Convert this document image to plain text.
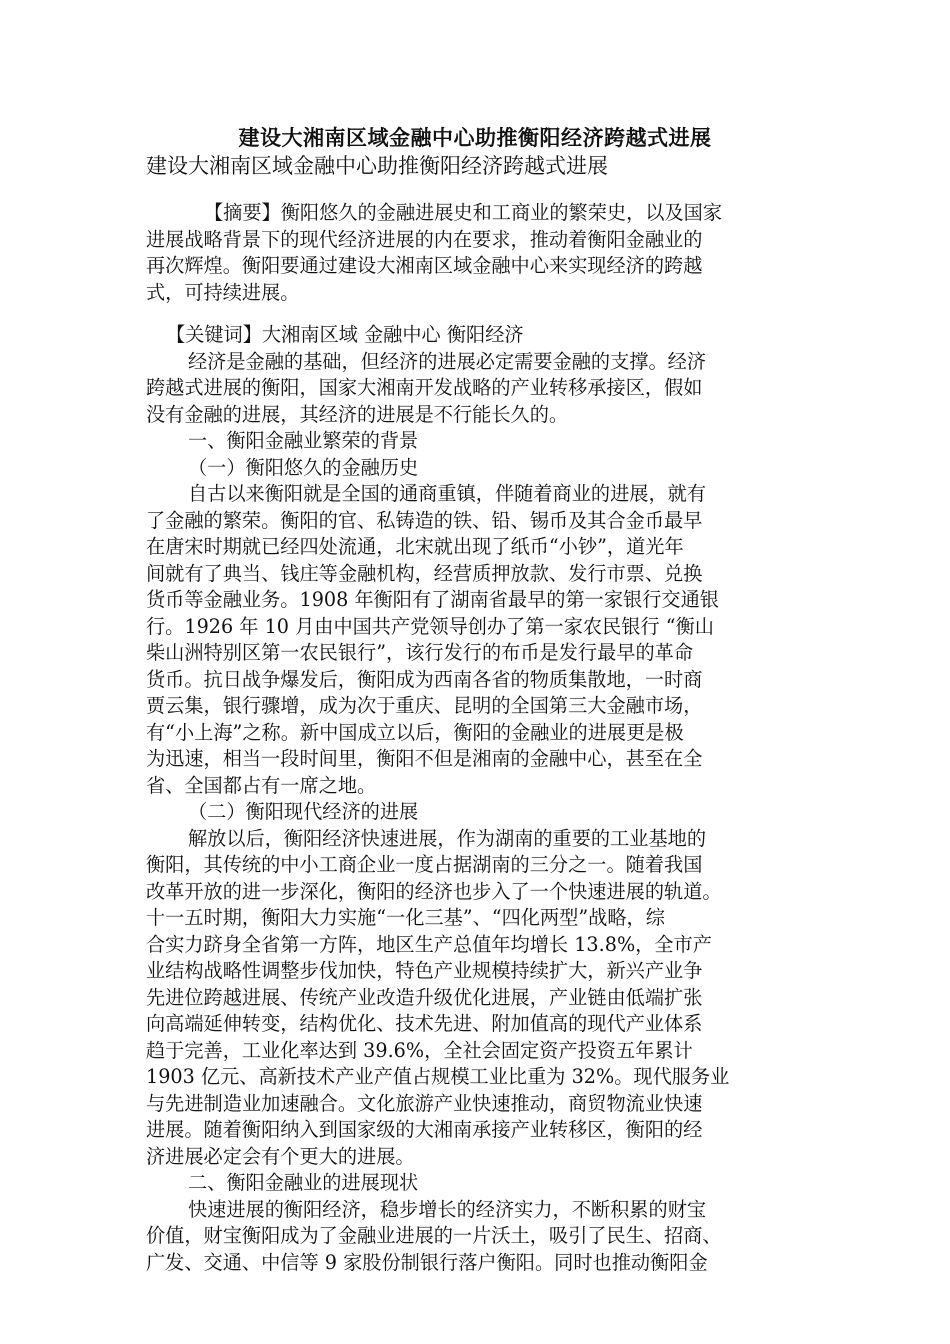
建设大湘南区域金融中心助推衡阳经济跨越式进展
建设大湘南区域金融中心助推衡阳经济跨越式进展
【摘要】衡阳悠久的金融进展史和工商业的繁荣史，以及国家
进展战略背景下的现代经济进展的内在要求，推动着衡阳金融业的
再次辉煌。衡阳要通过建设大湘南区域金融中心来实现经济的跨越
式，可持续进展。
【关键词】大湘南区域 金融中心 衡阳经济
经济是金融的基础，但经济的进展必定需要金融的支撑。经济
跨越式进展的衡阳，国家大湘南开发战略的产业转移承接区，假如
没有金融的进展，其经济的进展是不行能长久的。
一、衡阳金融业繁荣的背景
（一）衡阳悠久的金融历史
自古以来衡阳就是全国的通商重镇，伴随着商业的进展，就有
了金融的繁荣。衡阳的官、私铸造的铁、铅、锡币及其合金币最早
在唐宋时期就已经四处流通，北宋就出现了纸币“小钞”，道光年
间就有了典当、钱庄等金融机构，经营质押放款、发行市票、兑换
货币等金融业务。1908 年衡阳有了湖南省最早的第一家银行交通银
行。1926 年 10 月由中国共产党领导创办了第一家农民银行 “衡山
柴山洲特别区第一农民银行”，该行发行的布币是发行最早的革命
货币。抗日战争爆发后，衡阳成为西南各省的物质集散地，一时商
贾云集，银行骤增，成为次于重庆、昆明的全国第三大金融市场，
有“小上海”之称。新中国成立以后，衡阳的金融业的进展更是极
为迅速，相当一段时间里，衡阳不但是湘南的金融中心，甚至在全
省、全国都占有一席之地。
（二）衡阳现代经济的进展
解放以后，衡阳经济快速进展，作为湖南的重要的工业基地的
衡阳，其传统的中小工商企业一度占据湖南的三分之一。随着我国
改革开放的进一步深化，衡阳的经济也步入了一个快速进展的轨道。
十一五时期，衡阳大力实施“一化三基”、“四化两型”战略，综
合实力跻身全省第一方阵，地区生产总值年均增长 13.8%，全市产
业结构战略性调整步伐加快，特色产业规模持续扩大，新兴产业争
先进位跨越进展、传统产业改造升级优化进展，产业链由低端扩张
向高端延伸转变，结构优化、技术先进、附加值高的现代产业体系
趋于完善，工业化率达到 39.6%，全社会固定资产投资五年累计
1903 亿元、高新技术产业产值占规模工业比重为 32%。现代服务业
与先进制造业加速融合。文化旅游产业快速推动，商贸物流业快速
进展。随着衡阳纳入到国家级的大湘南承接产业转移区，衡阳的经
济进展必定会有个更大的进展。
二、衡阳金融业的进展现状
快速进展的衡阳经济，稳步增长的经济实力，不断积累的财宝
价值，财宝衡阳成为了金融业进展的一片沃土，吸引了民生、招商、
广发、交通、中信等 9 家股份制银行落户衡阳。同时也推动衡阳金
